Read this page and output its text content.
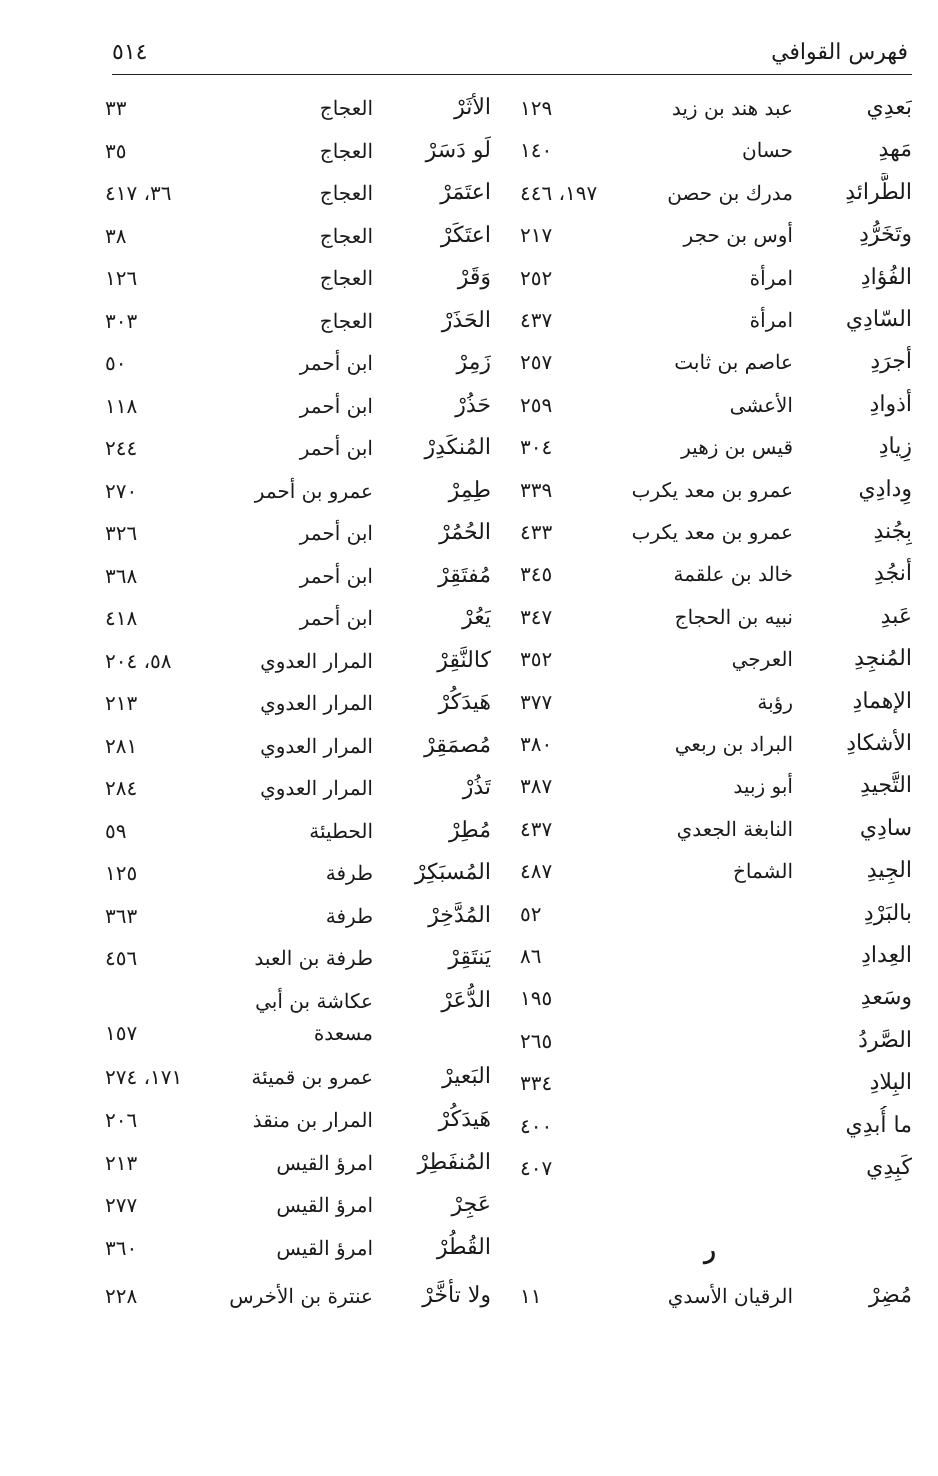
فهرس القوافي
٥١٤
بَعدِي
عبد هند بن زيد
١٢٩
مَهدِ
حسان
١٤٠
الطَّرائدِ
مدرك بن حصن
١٩٧، ٤٤٦
وتَخَرُّدِ
أوس بن حجر
٢١٧
الفُؤادِ
امرأة
٢٥٢
السّادِي
امرأة
٤٣٧
أجرَدِ
عاصم بن ثابت
٢٥٧
أذوادِ
الأعشى
٢٥٩
زِيادِ
قيس بن زهير
٣٠٤
وِدادِي
عمرو بن معد يكرب
٣٣٩
بِجُندِ
عمرو بن معد يكرب
٤٣٣
أنجُدِ
خالد بن علقمة
٣٤٥
عَبدِ
نبيه بن الحجاج
٣٤٧
المُنجِدِ
العرجي
٣٥٢
الإهمادِ
رؤبة
٣٧٧
الأشكادِ
البراد بن ربعي
٣٨٠
التَّجيدِ
أبو زبيد
٣٨٧
سادِي
النابغة الجعدي
٤٣٧
الجِيدِ
الشماخ
٤٨٧
بالبَرْدِ
٥٢
العِدادِ
٨٦
وسَعدِ
١٩٥
الصَّردُ
٢٦٥
البِلادِ
٣٣٤
ما أُبدِي
٤٠٠
كَبِدِي
٤٠٧
مُضِرْ
الرقيان الأسدي
١١
ر
الأثَرْ
العجاج
٣٣
لَو دَسَرْ
العجاج
٣٥
اعتَمَرْ
العجاج
٣٦، ٤١٧
اعتَكَرْ
العجاج
٣٨
وَقَرْ
العجاج
١٢٦
الحَذَرْ
العجاج
٣٠٣
زَمِرْ
ابن أحمر
٥٠
حَذُرْ
ابن أحمر
١١٨
المُنكَدِرْ
ابن أحمر
٢٤٤
طِمِرْ
عمرو بن أحمر
٢٧٠
الحُمُرْ
ابن أحمر
٣٢٦
مُفتَقِرْ
ابن أحمر
٣٦٨
يَعُرْ
ابن أحمر
٤١٨
كالنَّقِرْ
المرار العدوي
٥٨، ٢٠٤
هَيدَكُرْ
المرار العدوي
٢١٣
مُصمَقِرْ
المرار العدوي
٢٨١
تَذُرْ
المرار العدوي
٢٨٤
مُطِرْ
الحطيئة
٥٩
المُسبَكِرْ
طرفة
١٢٥
المُدَّخِرْ
طرفة
٣٦٣
يَنتَقِرْ
طرفة بن العبد
٤٥٦
الدُّعَرْ
عكاشة بن أبي
مسعدة
١٥٧
البَعيرْ
عمرو بن قميئة
١٧١، ٢٧٤
هَيدَكُرْ
المرار بن منقذ
٢٠٦
المُنفَطِرْ
امرؤ القيس
٢١٣
عَجِرْ
امرؤ القيس
٢٧٧
القُطُرْ
امرؤ القيس
٣٦٠
ولا تأخَّرْ
عنترة بن الأخرس
٢٢٨
